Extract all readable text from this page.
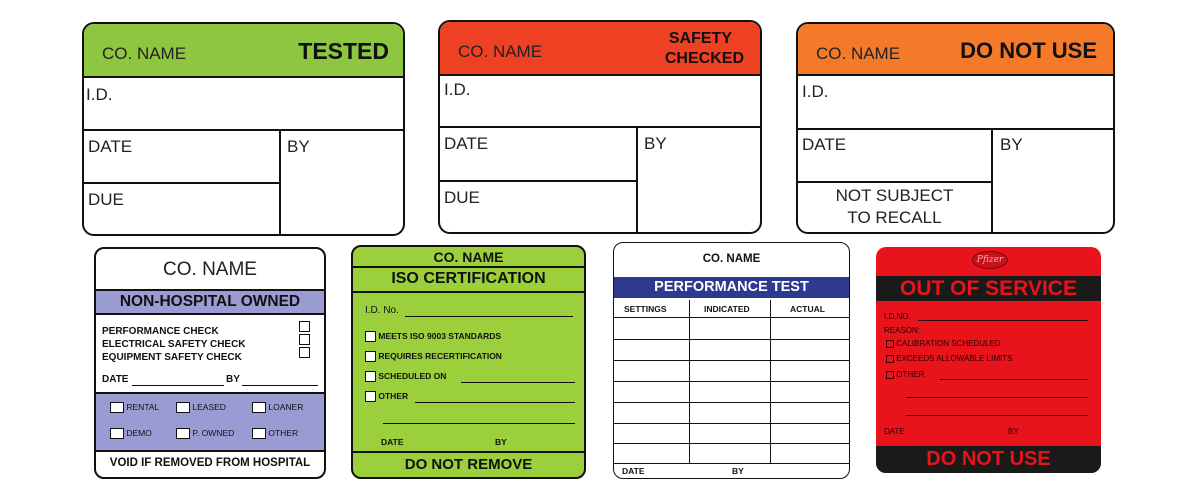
CO. NAME	TESTED
I.D.
DATE	BY
DUE
CO. NAME
SAFETY
CHECKED
I.D.
DATE	BY
DUE
CO. NAME	DO NOT USE
I.D.
DATE	BY
NOT SUBJECT
TO RECALL
CO. NAME
NON-HOSPITAL OWNED
PERFORMANCE CHECK
ELECTRICAL SAFETY CHECK
EQUIPMENT SAFETY CHECK
DATE	BY
RENTAL	LEASED	LOANER
DEMO	P. OWNED	OTHER
VOID IF REMOVED FROM HOSPITAL
CO. NAME
ISO CERTIFICATION
I.D. No.
MEETS ISO 9003 STANDARDS
REQUIRES RECERTIFICATION
SCHEDULED ON
OTHER
DATE	BY
DO NOT REMOVE
CO. NAME
PERFORMANCE TEST
SETTINGS	INDICATED	ACTUAL
DATE	BY
Pfizer
OUT OF SERVICE
I.D.NO.
REASON:
CALIBRATION SCHEDULED
EXCEEDS ALLOWABLE LIMITS
OTHER
DATE	BY
DO NOT USE
